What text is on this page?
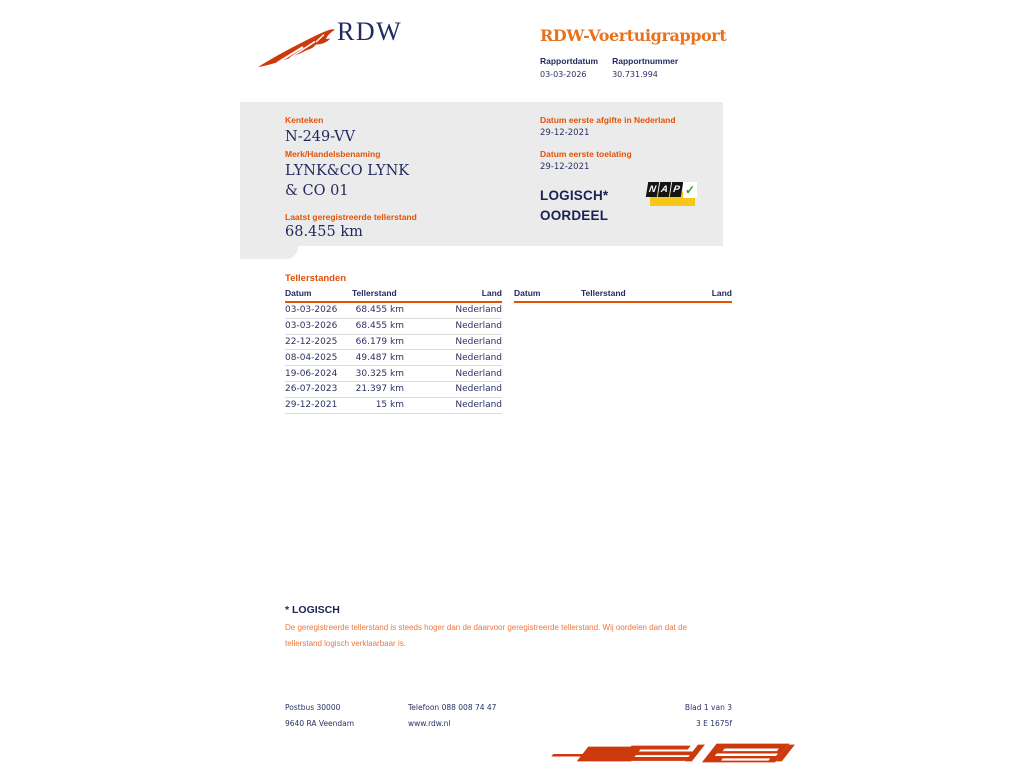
RDW	RDW-Voertuigrapport
Rapportdatum
03-03-2026
Rapportnummer
30.731.994
Kenteken
N-249-VV
Merk/Handelsbenaming
LYNK&CO LYNK & CO 01
Laatst geregistreerde tellerstand
68.455 km
Datum eerste afgifte in Nederland
29-12-2021
Datum eerste toelating
29-12-2021
LOGISCH*
OORDEEL
N A P ✓
Tellerstanden
Datum	Tellerstand	Land
03-03-2026	68.455 km	Nederland
03-03-2026	68.455 km	Nederland
22-12-2025	66.179 km	Nederland
08-04-2025	49.487 km	Nederland
19-06-2024	30.325 km	Nederland
26-07-2023	21.397 km	Nederland
29-12-2021	15 km	Nederland
Datum	Tellerstand	Land
* LOGISCH
De geregistreerde tellerstand is steeds hoger dan de daarvoor geregistreerde tellerstand. Wij oordelen dan dat de tellerstand logisch verklaarbaar is.
Postbus 30000
9640 RA Veendam
Telefoon 088 008 74 47
www.rdw.nl
Blad 1 van 3
3 E 1675f
